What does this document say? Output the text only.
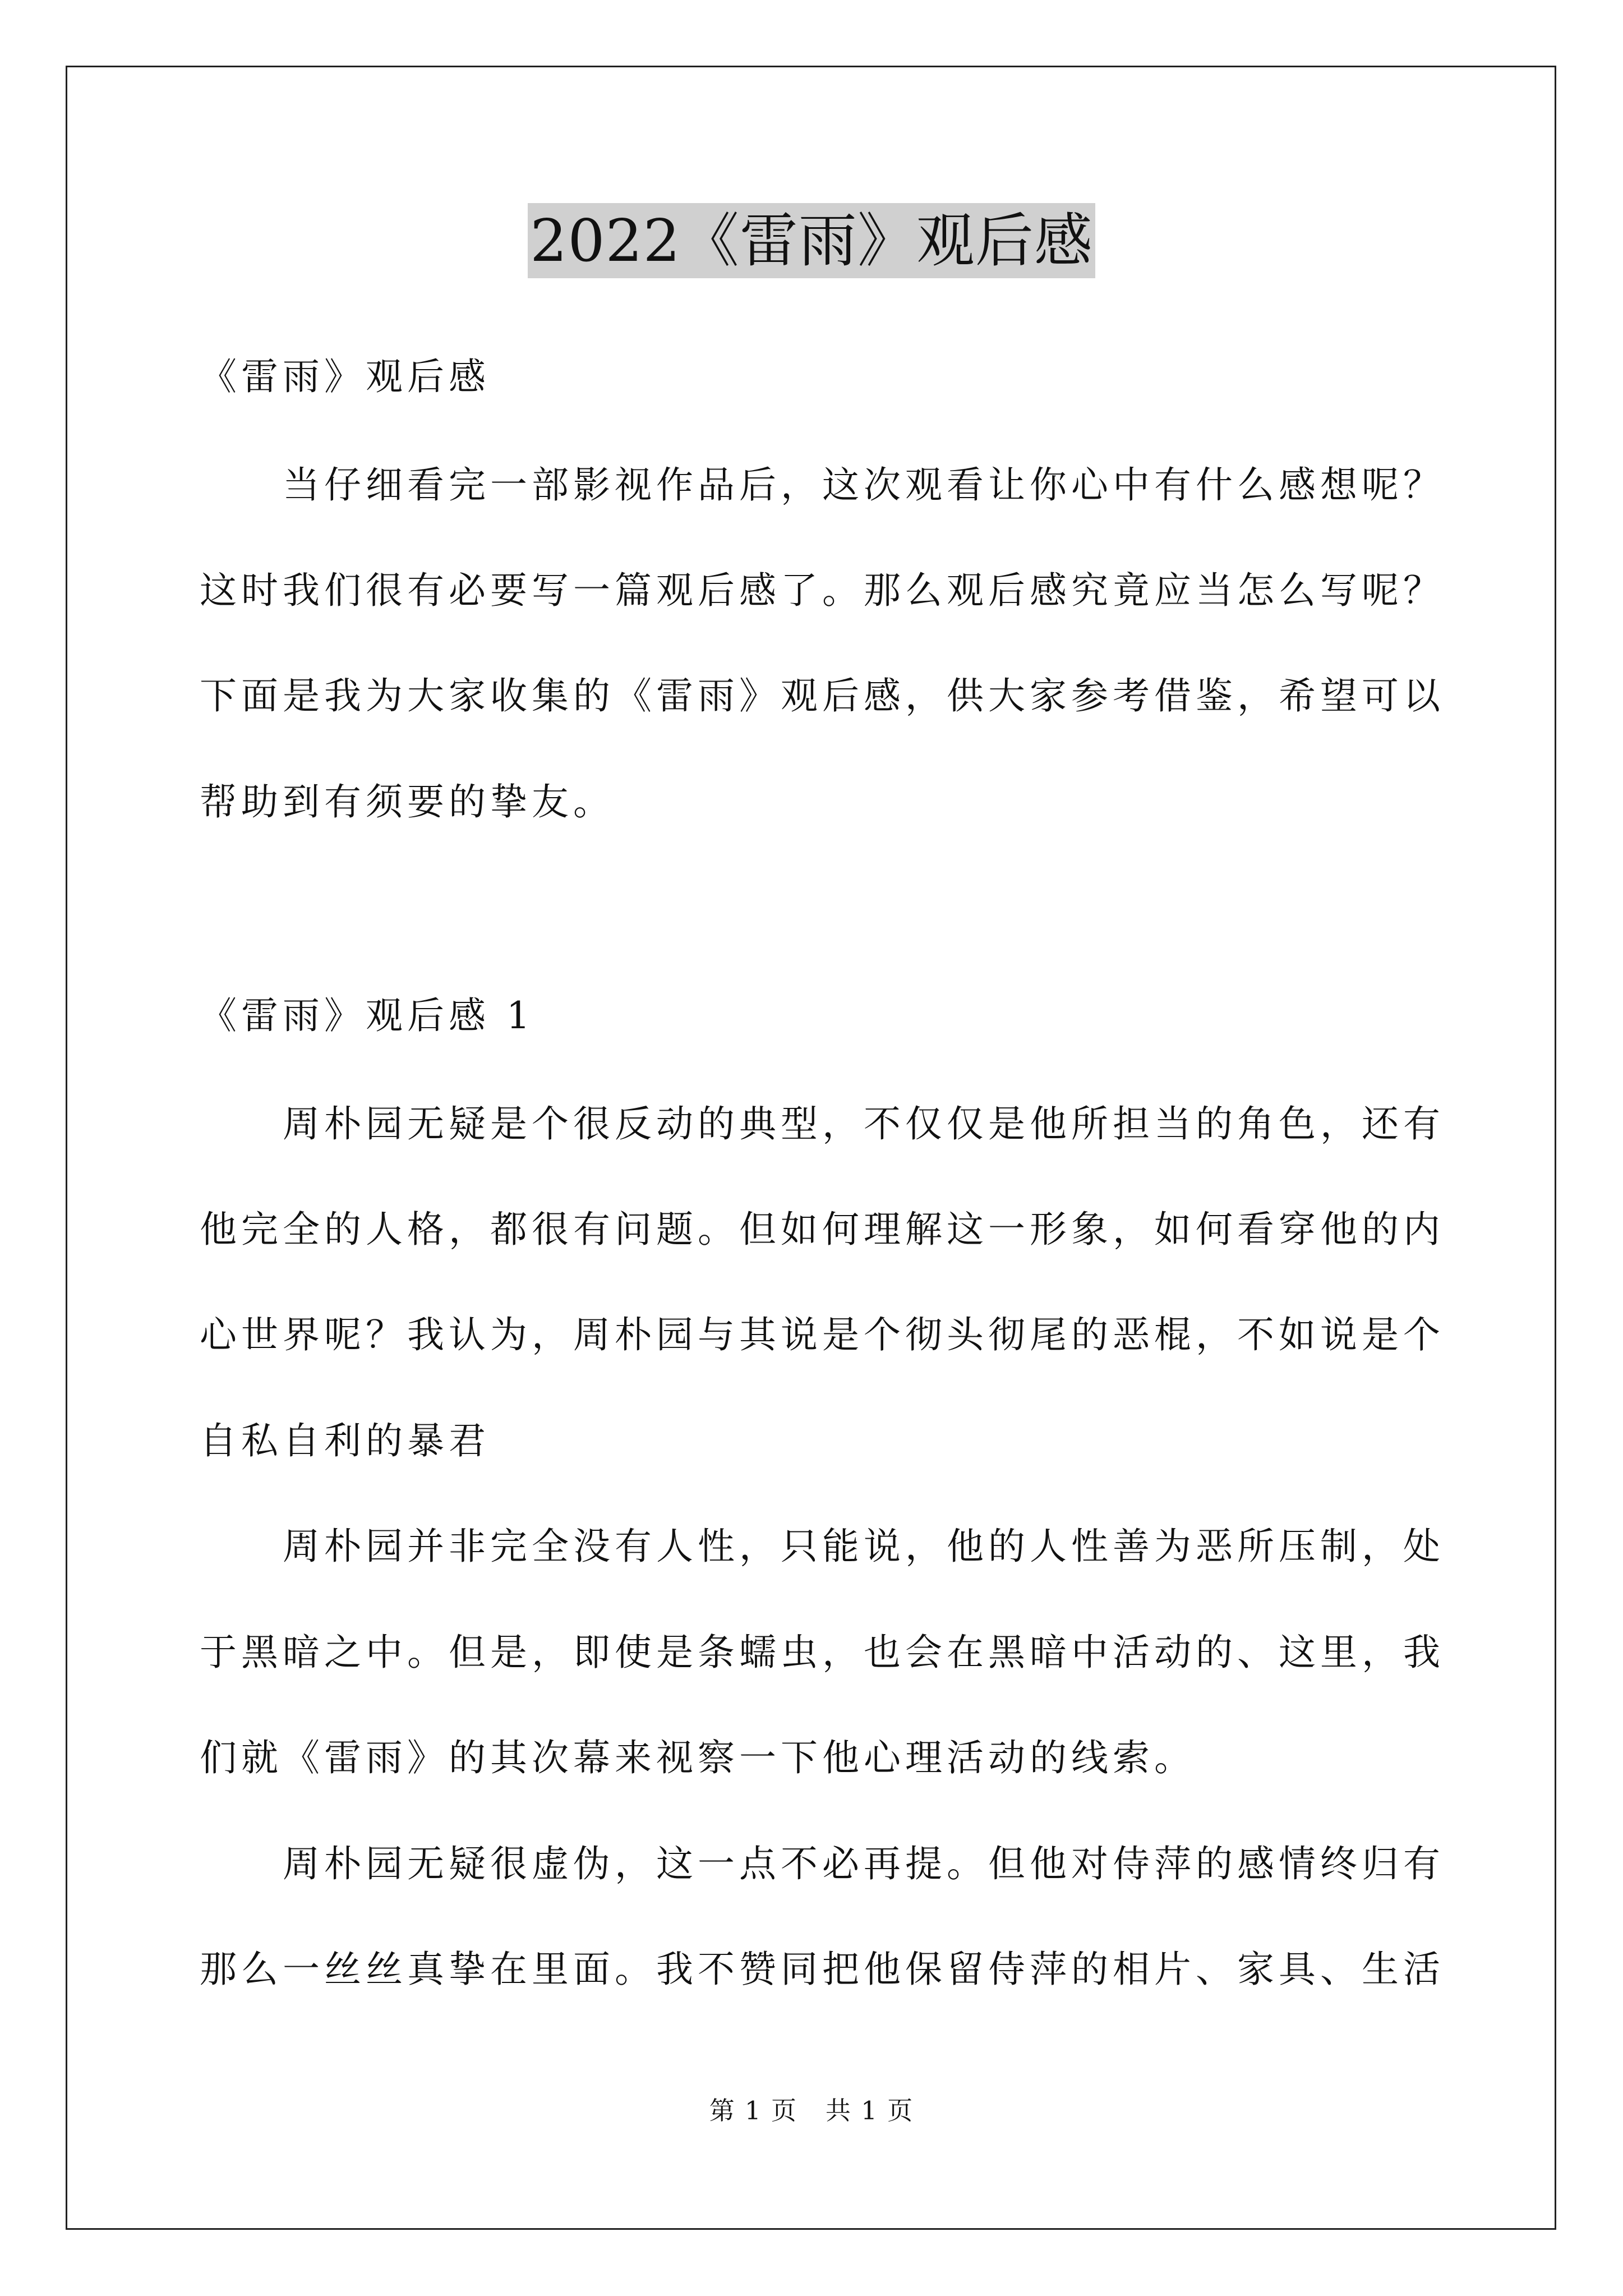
2022《雷雨》观后感
《雷雨》观后感
当仔细看完一部影视作品后，这次观看让你心中有什么感想呢？
这时我们很有必要写一篇观后感了。那么观后感究竟应当怎么写呢？
下面是我为大家收集的《雷雨》观后感，供大家参考借鉴，希望可以
帮助到有须要的挚友。
《雷雨》观后感 1
周朴园无疑是个很反动的典型，不仅仅是他所担当的角色，还有
他完全的人格，都很有问题。但如何理解这一形象，如何看穿他的内
心世界呢？我认为，周朴园与其说是个彻头彻尾的恶棍，不如说是个
自私自利的暴君
周朴园并非完全没有人性，只能说，他的人性善为恶所压制，处
于黑暗之中。但是，即使是条蠕虫，也会在黑暗中活动的、这里，我
们就《雷雨》的其次幕来视察一下他心理活动的线索。
周朴园无疑很虚伪，这一点不必再提。但他对侍萍的感情终归有
那么一丝丝真挚在里面。我不赞同把他保留侍萍的相片、家具、生活
第 1 页 共 1 页
